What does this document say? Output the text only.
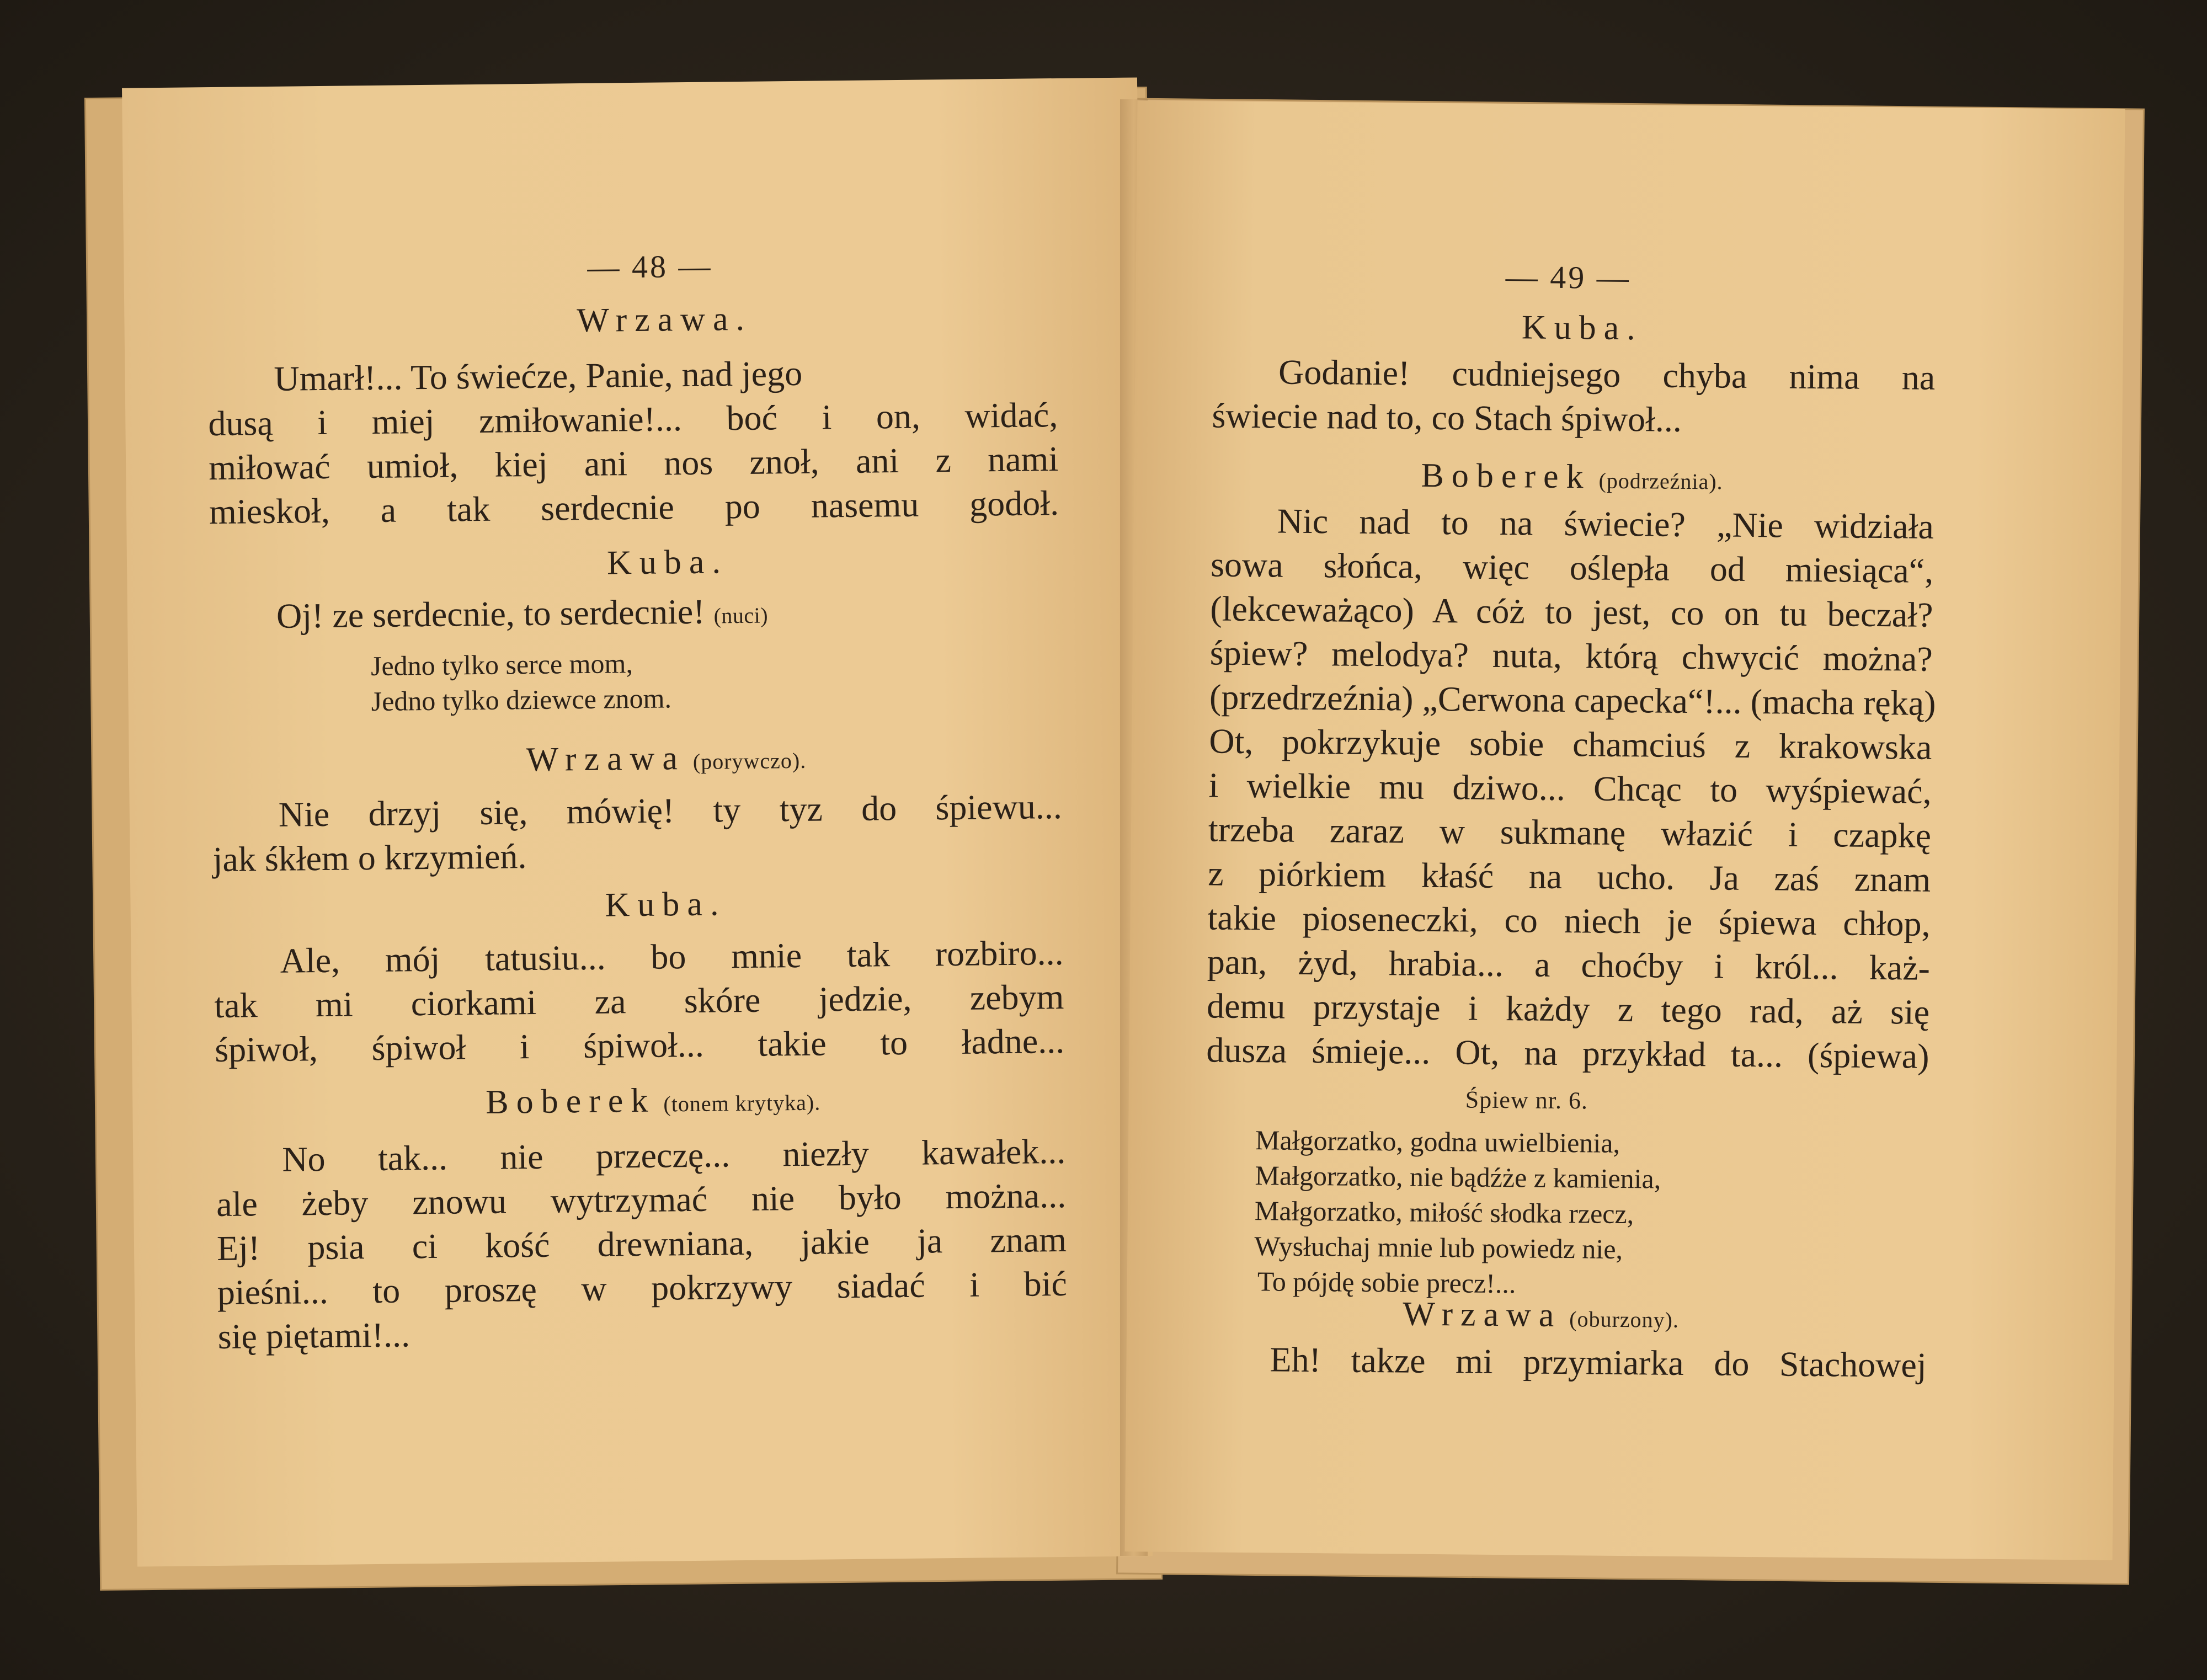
— 48 —
Wrzawa.
Umarł!... To świećze, Panie, nad jego
dusą i miej zmiłowanie!... boć i on, widać,
miłować umioł, kiej ani nos znoł, ani z nami
mieskoł, a tak serdecnie po nasemu godoł.
Kuba.
Oj! ze serdecnie, to serdecnie! (nuci)
Jedno tylko serce mom,
Jedno tylko dziewce znom.
Wrzawa (porywczo).
Nie drzyj się, mówię! ty tyz do śpiewu...
jak śkłem o krzymień.
Kuba.
Ale, mój tatusiu... bo mnie tak rozbiro...
tak mi ciorkami za skóre jedzie, zebym
śpiwoł, śpiwoł i śpiwoł... takie to ładne...
Boberek (tonem krytyka).
No tak... nie przeczę... niezły kawałek...
ale żeby znowu wytrzymać nie było można...
Ej! psia ci kość drewniana, jakie ja znam
pieśni... to proszę w pokrzywy siadać i bić
się piętami!...
— 49 —
Kuba.
Godanie! cudniejsego chyba nima na
świecie nad to, co Stach śpiwoł...
Boberek (podrzeźnia).
Nic nad to na świecie? „Nie widziała
sowa słońca, więc oślepła od miesiąca“,
(lekceważąco) A cóż to jest, co on tu beczał?
śpiew? melodya? nuta, którą chwycić można?
(przedrzeźnia) „Cerwona capecka“!... (macha ręką)
Ot, pokrzykuje sobie chamciuś z krakowska
i wielkie mu dziwo... Chcąc to wyśpiewać,
trzeba zaraz w sukmanę włazić i czapkę
z piórkiem kłaść na ucho. Ja zaś znam
takie pioseneczki, co niech je śpiewa chłop,
pan, żyd, hrabia... a choćby i król... każ-
demu przystaje i każdy z tego rad, aż się
dusza śmieje... Ot, na przykład ta... (śpiewa)
Śpiew nr. 6.
Małgorzatko, godna uwielbienia,
Małgorzatko, nie bądźże z kamienia,
Małgorzatko, miłość słodka rzecz,
Wysłuchaj mnie lub powiedz nie,
To pójdę sobie precz!...
Wrzawa (oburzony).
Eh! takze mi przymiarka do Stachowej
